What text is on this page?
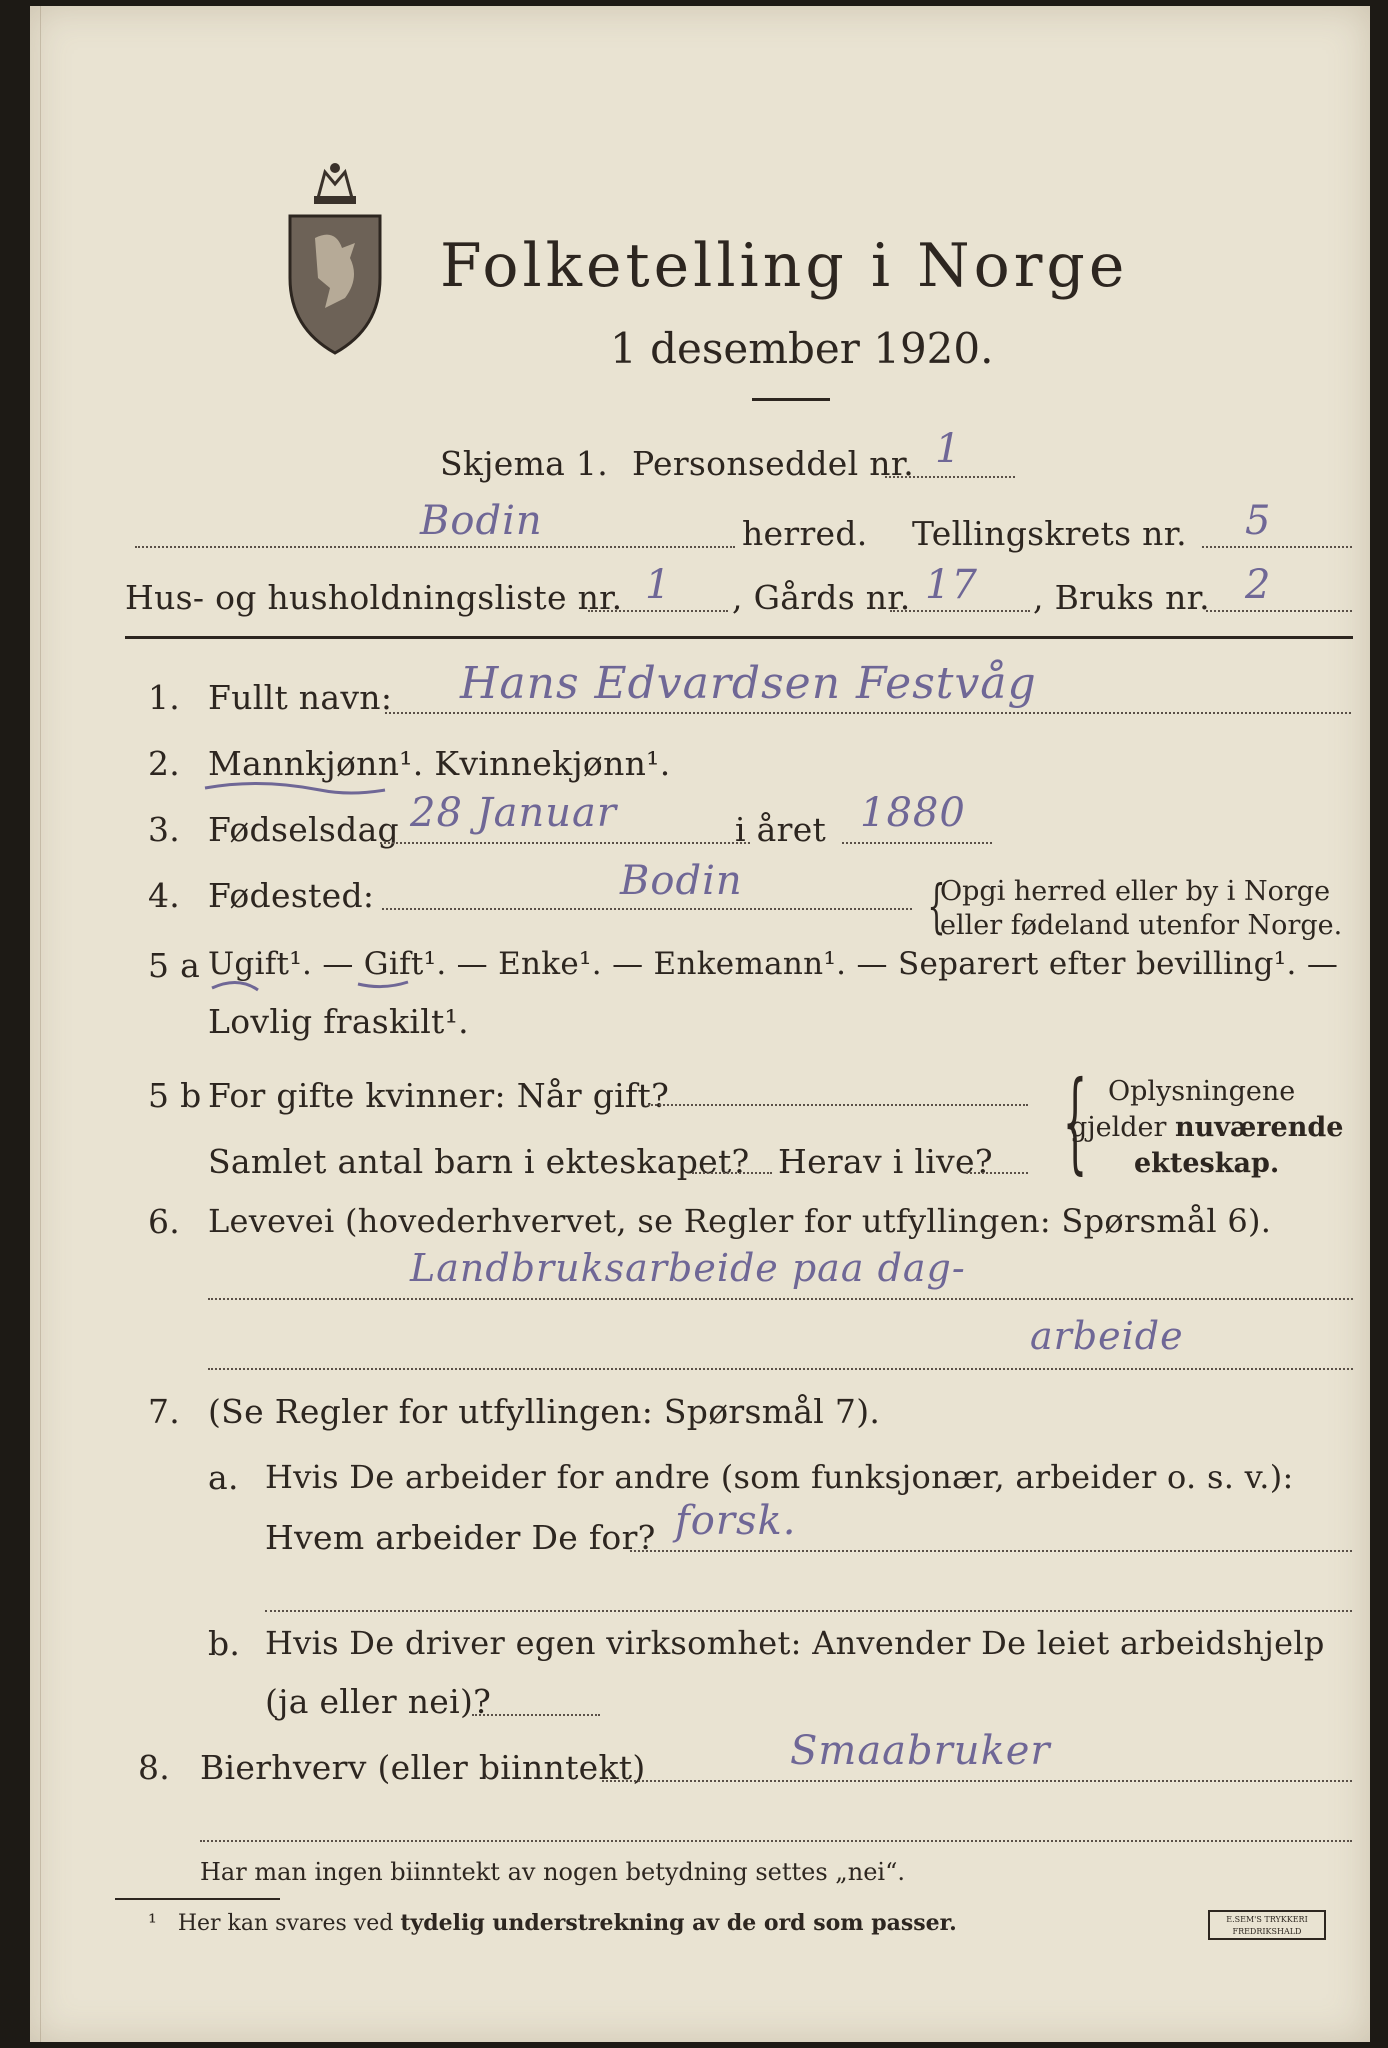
Folketelling i Norge
1 desember 1920.
Skjema 1. Personseddel nr. 1
Bodin	herred. Tellingskrets nr. 5
Hus- og husholdningsliste nr. 1 , Gårds nr. 17 , Bruks nr. 2
1. Fullt navn: Hans Edvardsen Festvåg
2. Mannkjønn¹. Kvinnekjønn¹.
3. Fødselsdag 28 Januar	i året 1880
4. Fødested:	Bodin	{
Opgi herred eller by i Norge
eller fødeland utenfor Norge.
5 a Ugift¹. — Gift¹. — Enke¹. — Enkemann¹. — Separert efter bevilling¹. —
Lovlig fraskilt¹.
5 b For gifte kvinner: Når gift?
Samlet antal barn i ekteskapet? Herav i live? { Oplysningene
gjelder nuværende
ekteskap.
6. Levevei (hovederhvervet, se Regler for utfyllingen: Spørsmål 6).
Landbruksarbeide paa dag-
arbeide
7. (Se Regler for utfyllingen: Spørsmål 7).
a. Hvis De arbeider for andre (som funksjonær, arbeider o. s. v.):
Hvem arbeider De for? forsk.
b. Hvis De driver egen virksomhet: Anvender De leiet arbeidshjelp
(ja eller nei)?
8. Bierhverv (eller biinntekt)	Smaabruker
Har man ingen biinntekt av nogen betydning settes „nei“.
¹ Her kan svares ved tydelig understrekning av de ord som passer.	E.SEM'S TRYKKERI
FREDRIKSHALD
